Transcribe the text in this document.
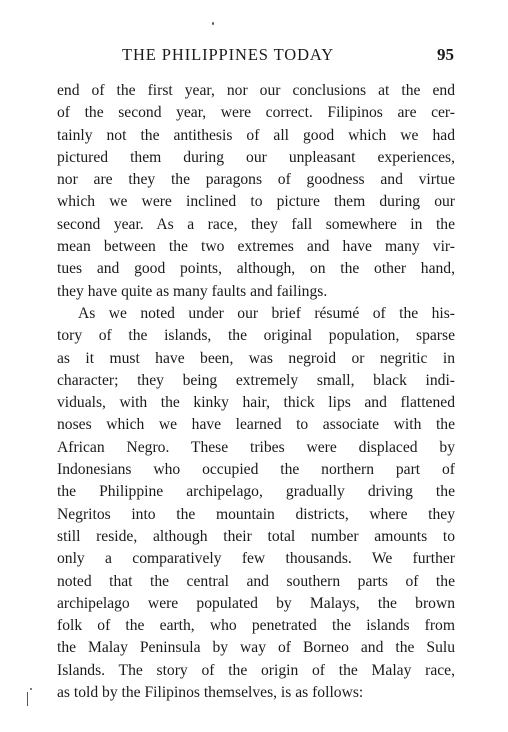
THE PHILIPPINES TODAY	95
end of the first year, nor our conclusions at the end
of the second year, were correct. Filipinos are cer-
tainly not the antithesis of all good which we had
pictured them during our unpleasant experiences,
nor are they the paragons of goodness and virtue
which we were inclined to picture them during our
second year. As a race, they fall somewhere in the
mean between the two extremes and have many vir-
tues and good points, although, on the other hand,
they have quite as many faults and failings.
As we noted under our brief résumé of the his-
tory of the islands, the original population, sparse
as it must have been, was negroid or negritic in
character; they being extremely small, black indi-
viduals, with the kinky hair, thick lips and flattened
noses which we have learned to associate with the
African Negro. These tribes were displaced by
Indonesians who occupied the northern part of
the Philippine archipelago, gradually driving the
Negritos into the mountain districts, where they
still reside, although their total number amounts to
only a comparatively few thousands. We further
noted that the central and southern parts of the
archipelago were populated by Malays, the brown
folk of the earth, who penetrated the islands from
the Malay Peninsula by way of Borneo and the Sulu
Islands. The story of the origin of the Malay race,
as told by the Filipinos themselves, is as follows:
